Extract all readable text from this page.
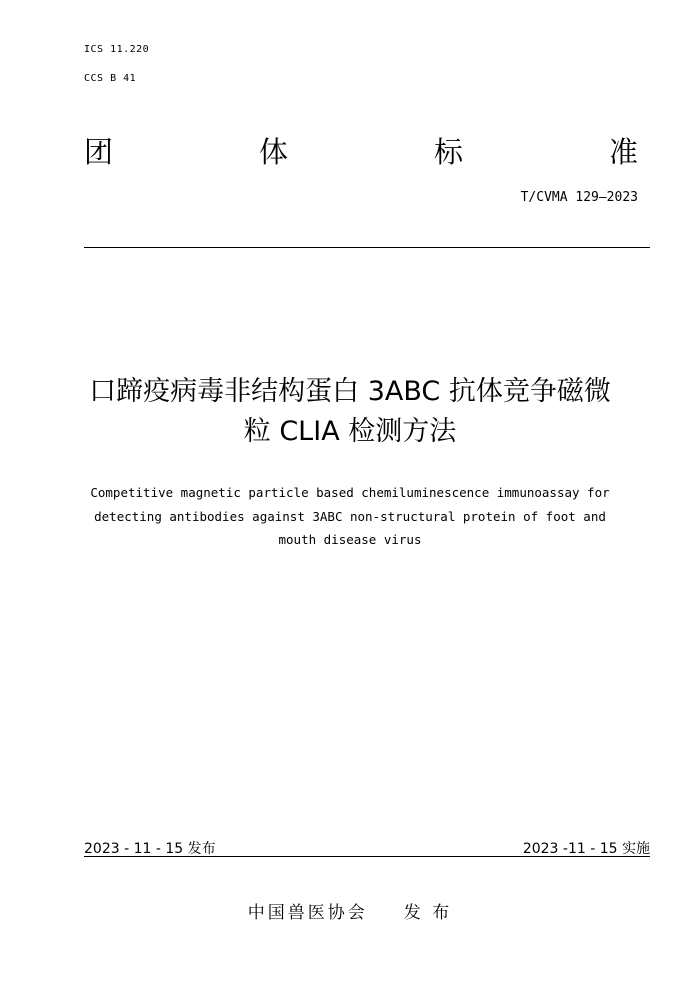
ICS 11.220
CCS B 41
团	体	标	准
T/CVMA 129—2023
口蹄疫病毒非结构蛋白 3ABC 抗体竞争磁微
粒 CLIA 检测方法
Competitive magnetic particle based chemiluminescence immunoassay for
detecting antibodies against 3ABC non-structural protein of foot and
mouth disease virus
2023 - 11 - 15 发布	2023 -11 - 15 实施
中国兽医协会 发 布
